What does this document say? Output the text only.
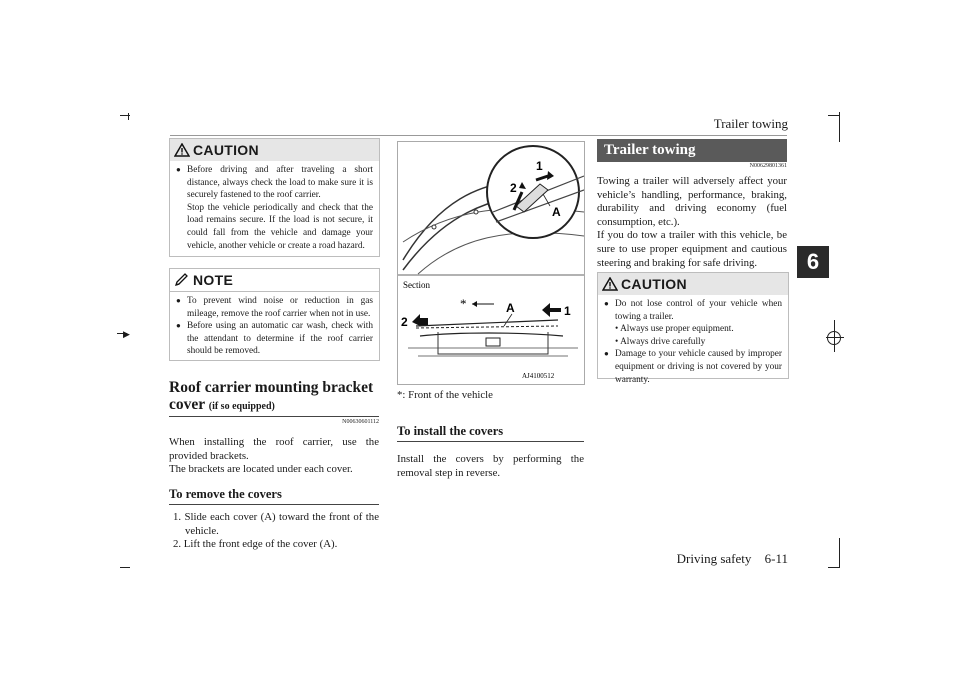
▶
Trailer towing
6
CAUTION
● Before driving and after traveling a short distance, always check the load to make sure it is securely fastened to the roof carrier.
Stop the vehicle periodically and check that the load remains secure. If the load is not secure, it could fall from the vehicle and damage your vehicle, another vehicle or create a road hazard.
NOTE
● To prevent wind noise or reduction in gas mileage, remove the roof carrier when not in use.
● Before using an automatic car wash, check with the attendant to determine if the roof carrier should be removed.
Roof carrier mounting bracket cover (if so equipped)
N00630601112
When installing the roof carrier, use the provided brackets.
The brackets are located under each cover.
To remove the covers
1. Slide each cover (A) toward the front of the vehicle.
2. Lift the front edge of the cover (A).
1
2
A
Section
*	A	1
2
AJ4100512
*: Front of the vehicle
To install the covers
Install the covers by performing the removal step in reverse.
Trailer towing
N00629801361
Towing a trailer will adversely affect your vehicle’s handling, performance, braking, durability and driving economy (fuel consumption, etc.).
If you do tow a trailer with this vehicle, be sure to use proper equipment and cautious steering and braking for safe driving.
CAUTION
● Do not lose control of your vehicle when towing a trailer.
• Always use proper equipment.
• Always drive carefully
● Damage to your vehicle caused by improper equipment or driving is not covered by your warranty.
Driving safety 6-11
